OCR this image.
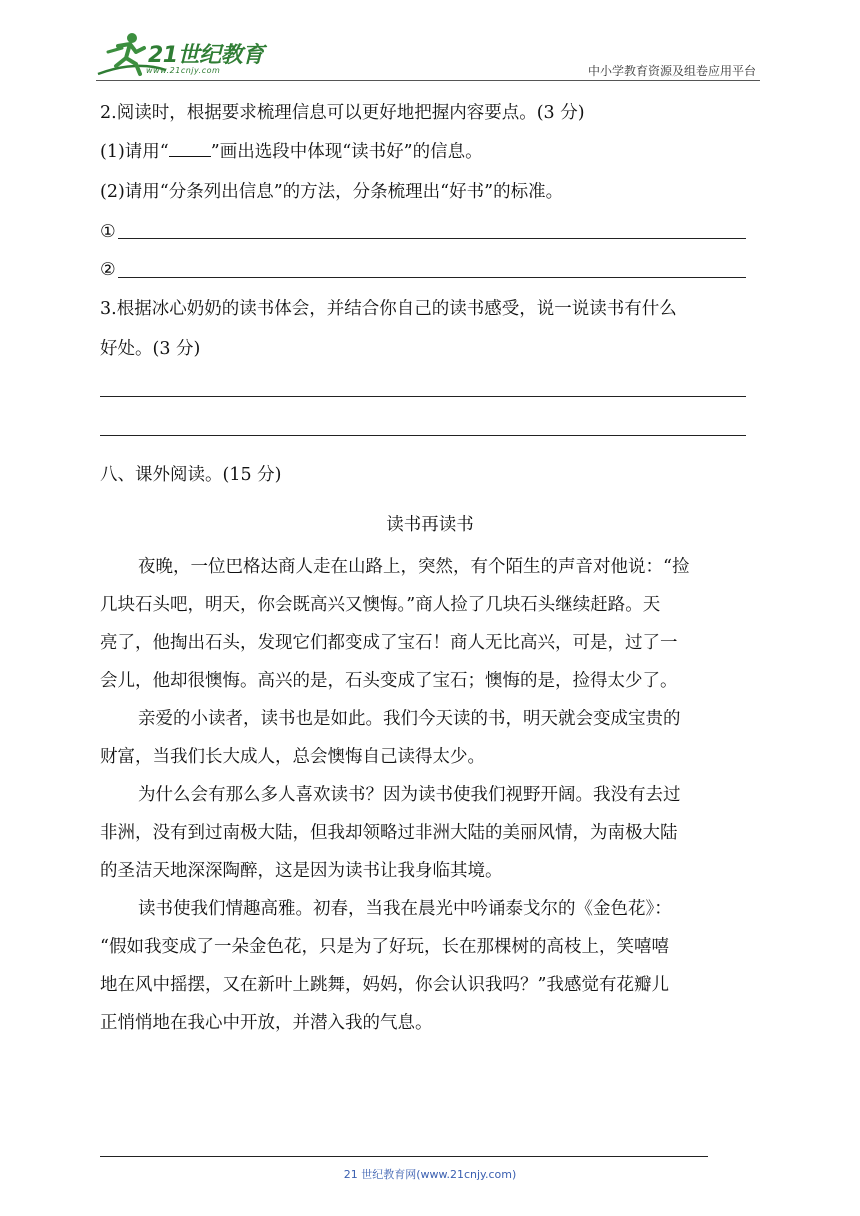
21世纪教育
www.21cnjy.com	中小学教育资源及组卷应用平台
2.阅读时，根据要求梳理信息可以更好地把握内容要点。(3 分)
(1)请用“ ”画出选段中体现“读书好”的信息。
(2)请用“分条列出信息”的方法，分条梳理出“好书”的标准。
①
②
3.根据冰心奶奶的读书体会，并结合你自己的读书感受，说一说读书有什么
好处。(3 分)
八、课外阅读。(15 分)
读书再读书
夜晚，一位巴格达商人走在山路上，突然，有个陌生的声音对他说：“捡
几块石头吧，明天，你会既高兴又懊悔。”商人捡了几块石头继续赶路。天
亮了，他掏出石头，发现它们都变成了宝石！商人无比高兴，可是，过了一
会儿，他却很懊悔。高兴的是，石头变成了宝石；懊悔的是，捡得太少了。
亲爱的小读者，读书也是如此。我们今天读的书，明天就会变成宝贵的
财富，当我们长大成人，总会懊悔自己读得太少。
为什么会有那么多人喜欢读书？因为读书使我们视野开阔。我没有去过
非洲，没有到过南极大陆，但我却领略过非洲大陆的美丽风情，为南极大陆
的圣洁天地深深陶醉，这是因为读书让我身临其境。
读书使我们情趣高雅。初春，当我在晨光中吟诵泰戈尔的《金色花》：
“假如我变成了一朵金色花，只是为了好玩，长在那棵树的高枝上，笑嘻嘻
地在风中摇摆，又在新叶上跳舞，妈妈，你会认识我吗？”我感觉有花瓣儿
正悄悄地在我心中开放，并潜入我的气息。
21 世纪教育网(www.21cnjy.com)
